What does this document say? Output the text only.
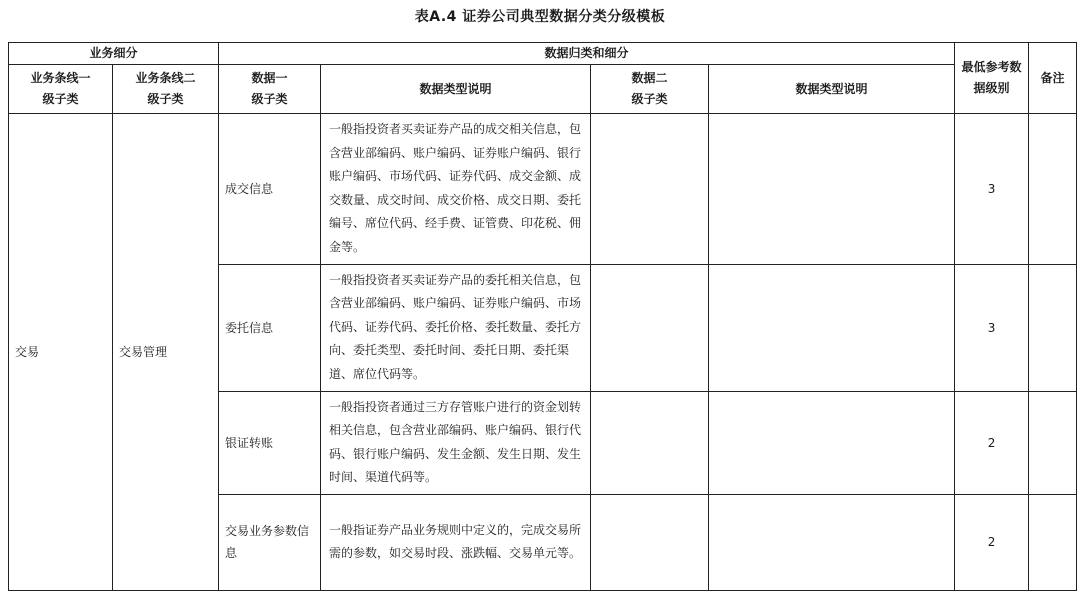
表A.4 证券公司典型数据分类分级模板
业务细分		数据归类和细分				最低参考数据级别	备注
业务条线一级子类	业务条线二级子类	数据一级子类	数据类型说明	数据二级子类	数据类型说明		
交易	交易管理	成交信息	一般指投资者买卖证券产品的成交相关信息，包含营业部编码、账户编码、证券账户编码、银行账户编码、市场代码、证券代码、成交金额、成交数量、成交时间、成交价格、成交日期、委托编号、席位代码、经手费、证管费、印花税、佣金等。			3	
		委托信息	一般指投资者买卖证券产品的委托相关信息，包含营业部编码、账户编码、证券账户编码、市场代码、证券代码、委托价格、委托数量、委托方向、委托类型、委托时间、委托日期、委托渠道、席位代码等。			3	
		银证转账	一般指投资者通过三方存管账户进行的资金划转相关信息，包含营业部编码、账户编码、银行代码、银行账户编码、发生金额、发生日期、发生时间、渠道代码等。			2	
		交易业务参数信息	一般指证券产品业务规则中定义的，完成交易所需的参数，如交易时段、涨跌幅、交易单元等。			2	
